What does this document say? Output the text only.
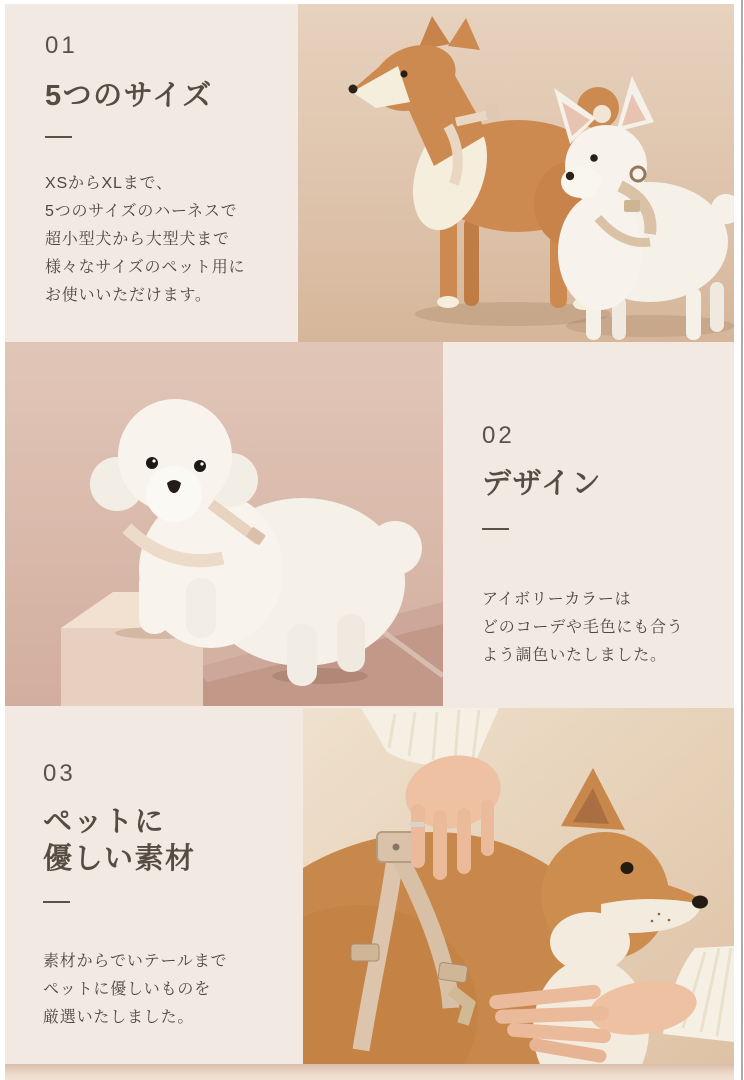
01
5つのサイズ
XSからXLまで、
5つのサイズのハーネスで
超小型犬から大型犬まで
様々なサイズのペット用に
お使いいただけます。
02
デザイン
アイボリーカラーは
どのコーデや毛色にも合う
よう調色いたしました。
03
ペットに
優しい素材
素材からでいテールまで
ペットに優しいものを
厳選いたしました。
